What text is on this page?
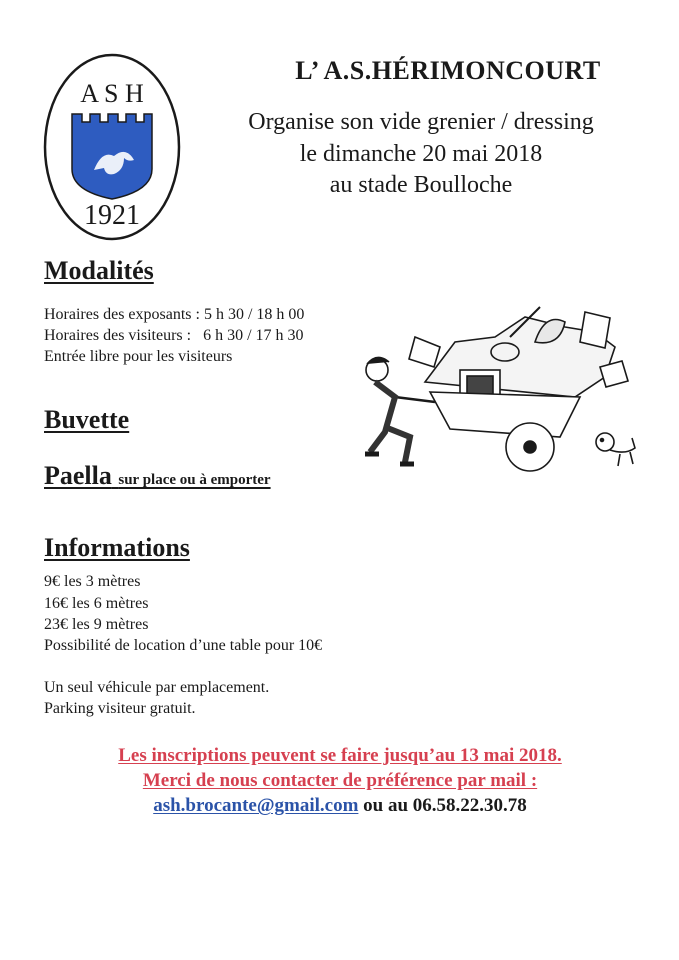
A S H
1921
L’ A.S.HÉRIMONCOURT
Organise son vide grenier / dressing
le dimanche 20 mai 2018
au stade Boulloche
Modalités
Horaires des exposants : 5 h 30 / 18 h 00
Horaires des visiteurs :   6 h 30 / 17 h 30
Entrée libre pour les visiteurs
Buvette
Paella sur place ou à emporter
Informations
9€ les 3 mètres
16€ les 6 mètres
23€ les 9 mètres
Possibilité de location d’une table pour 10€
Un seul véhicule par emplacement.
Parking visiteur gratuit.
Les inscriptions peuvent se faire jusqu’au 13 mai 2018.
Merci de nous contacter de préférence par mail :
ash.brocante@gmail.com ou au 06.58.22.30.78
